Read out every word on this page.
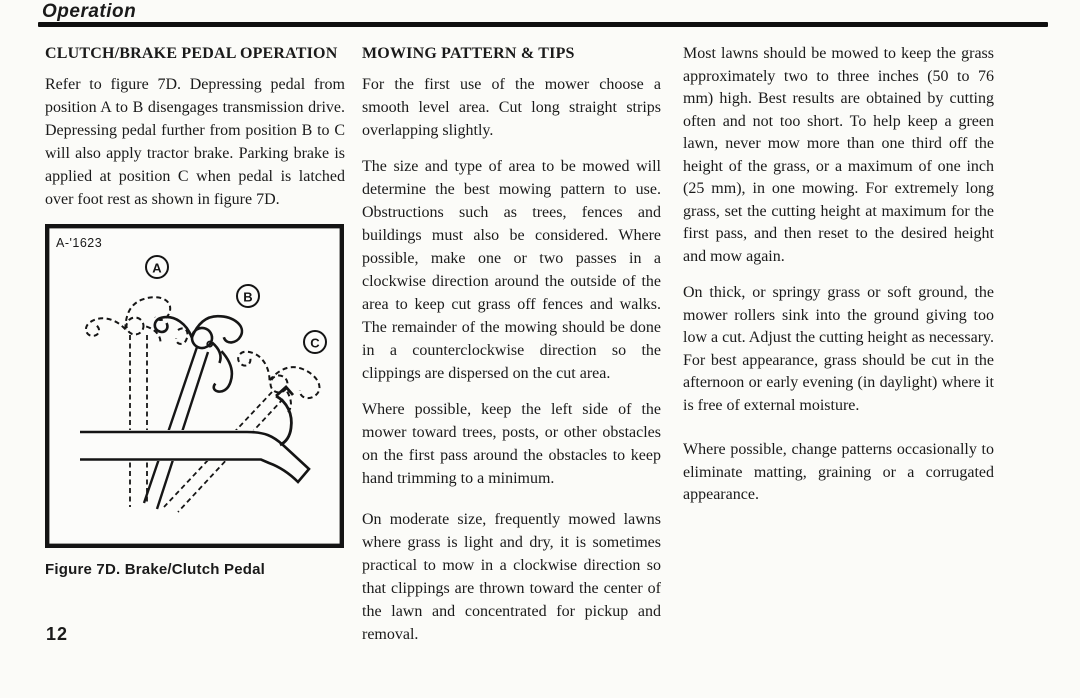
Operation
CLUTCH/BRAKE PEDAL OPERATION

Refer to figure 7D. Depressing pedal from position A to B disengages transmission drive. Depressing pedal further from position B to C will also apply tractor brake. Parking brake is applied at position C when pedal is latched over foot rest as shown in figure 7D.

A-'1623
A
B
C
Figure 7D. Brake/Clutch Pedal
MOWING PATTERN & TIPS

For the first use of the mower choose a smooth level area. Cut long straight strips overlapping slightly.

The size and type of area to be mowed will determine the best mowing pattern to use. Obstructions such as trees, fences and buildings must also be considered. Where possible, make one or two passes in a clockwise direction around the outside of the area to keep cut grass off fences and walks. The remainder of the mowing should be done in a counterclockwise direction so the clippings are dispersed on the cut area.

Where possible, keep the left side of the mower toward trees, posts, or other obstacles on the first pass around the obstacles to keep hand trimming to a minimum.

On moderate size, frequently mowed lawns where grass is light and dry, it is sometimes practical to mow in a clockwise direction so that clippings are thrown toward the center of the lawn and concentrated for pickup and removal.

Most lawns should be mowed to keep the grass approximately two to three inches (50 to 76 mm) high. Best results are obtained by cutting often and not too short. To help keep a green lawn, never mow more than one third off the height of the grass, or a maximum of one inch (25 mm), in one mowing. For extremely long grass, set the cutting height at maximum for the first pass, and then reset to the desired height and mow again.

On thick, or springy grass or soft ground, the mower rollers sink into the ground giving too low a cut. Adjust the cutting height as necessary. For best appearance, grass should be cut in the afternoon or early evening (in daylight) where it is free of external moisture.

Where possible, change patterns occasionally to eliminate matting, graining or a corrugated appearance.

12
